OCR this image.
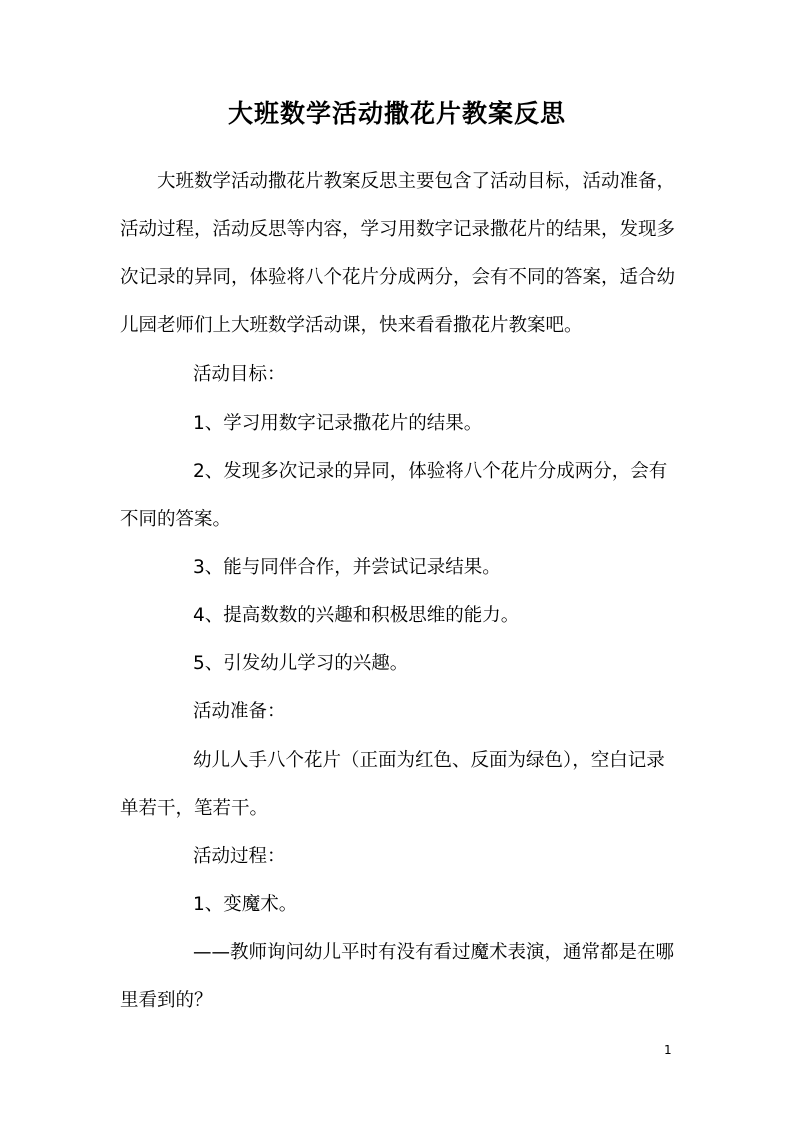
大班数学活动撒花片教案反思
大班数学活动撒花片教案反思主要包含了活动目标，活动准备，
活动过程，活动反思等内容，学习用数字记录撒花片的结果，发现多
次记录的异同，体验将八个花片分成两分，会有不同的答案，适合幼
儿园老师们上大班数学活动课，快来看看撒花片教案吧。
活动目标：
1、学习用数字记录撒花片的结果。
2、发现多次记录的异同，体验将八个花片分成两分，会有
不同的答案。
3、能与同伴合作，并尝试记录结果。
4、提高数数的兴趣和积极思维的能力。
5、引发幼儿学习的兴趣。
活动准备：
幼儿人手八个花片（正面为红色、反面为绿色），空白记录
单若干，笔若干。
活动过程：
1、变魔术。
——教师询问幼儿平时有没有看过魔术表演，通常都是在哪
里看到的？
1
